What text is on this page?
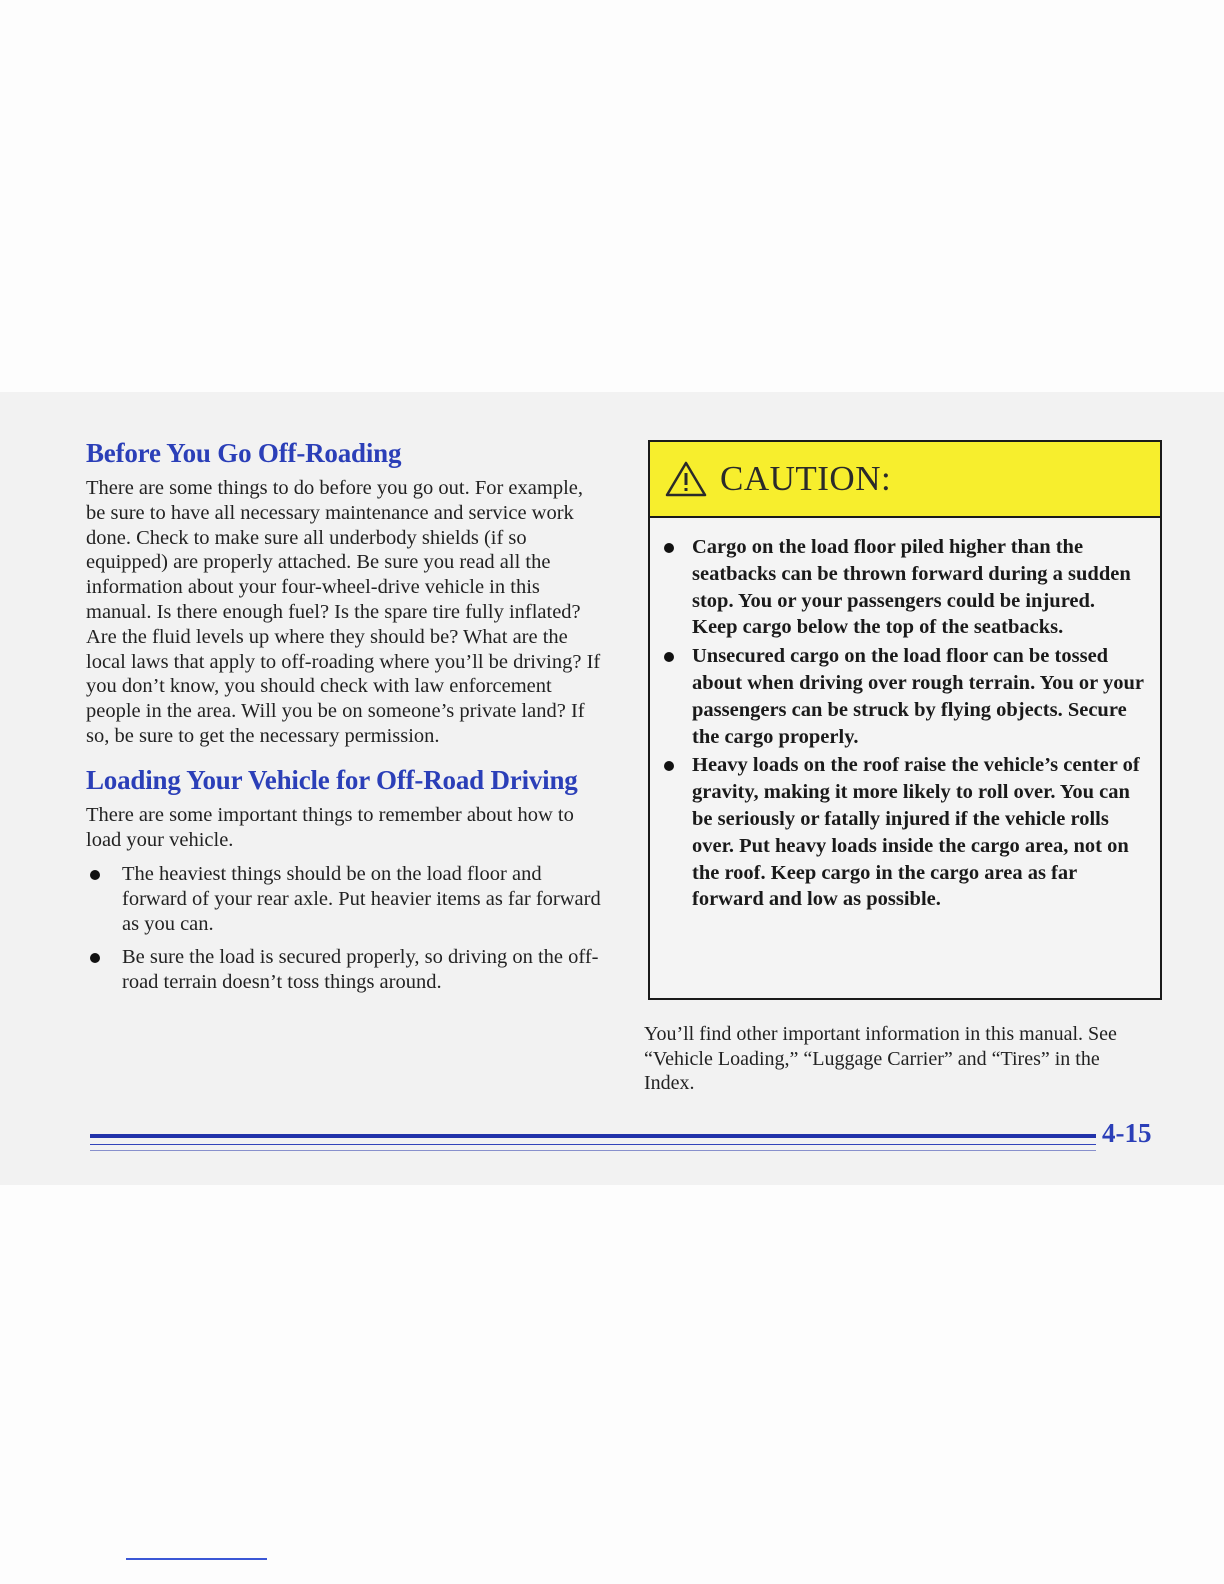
Before You Go Off-Roading

There are some things to do before you go out. For example, be sure to have all necessary maintenance and service work done. Check to make sure all underbody shields (if so equipped) are properly attached. Be sure you read all the information about your four-wheel-drive vehicle in this manual. Is there enough fuel? Is the spare tire fully inflated? Are the fluid levels up where they should be? What are the local laws that apply to off-roading where you’ll be driving? If you don’t know, you should check with law enforcement people in the area. Will you be on someone’s private land? If so, be sure to get the necessary permission.

Loading Your Vehicle for Off-Road Driving

There are some important things to remember about how to load your vehicle.

The heaviest things should be on the load floor and forward of your rear axle. Put heavier items as far forward as you can.
Be sure the load is secured properly, so driving on the off-road terrain doesn’t toss things around.
CAUTION:
Cargo on the load floor piled higher than the seatbacks can be thrown forward during a sudden stop. You or your passengers could be injured. Keep cargo below the top of the seatbacks.
Unsecured cargo on the load floor can be tossed about when driving over rough terrain. You or your passengers can be struck by flying objects. Secure the cargo properly.
Heavy loads on the roof raise the vehicle’s center of gravity, making it more likely to roll over. You can be seriously or fatally injured if the vehicle rolls over. Put heavy loads inside the cargo area, not on the roof. Keep cargo in the cargo area as far forward and low as possible.

You’ll find other important information in this manual. See “Vehicle Loading,” “Luggage Carrier” and “Tires” in the Index.

4-15
